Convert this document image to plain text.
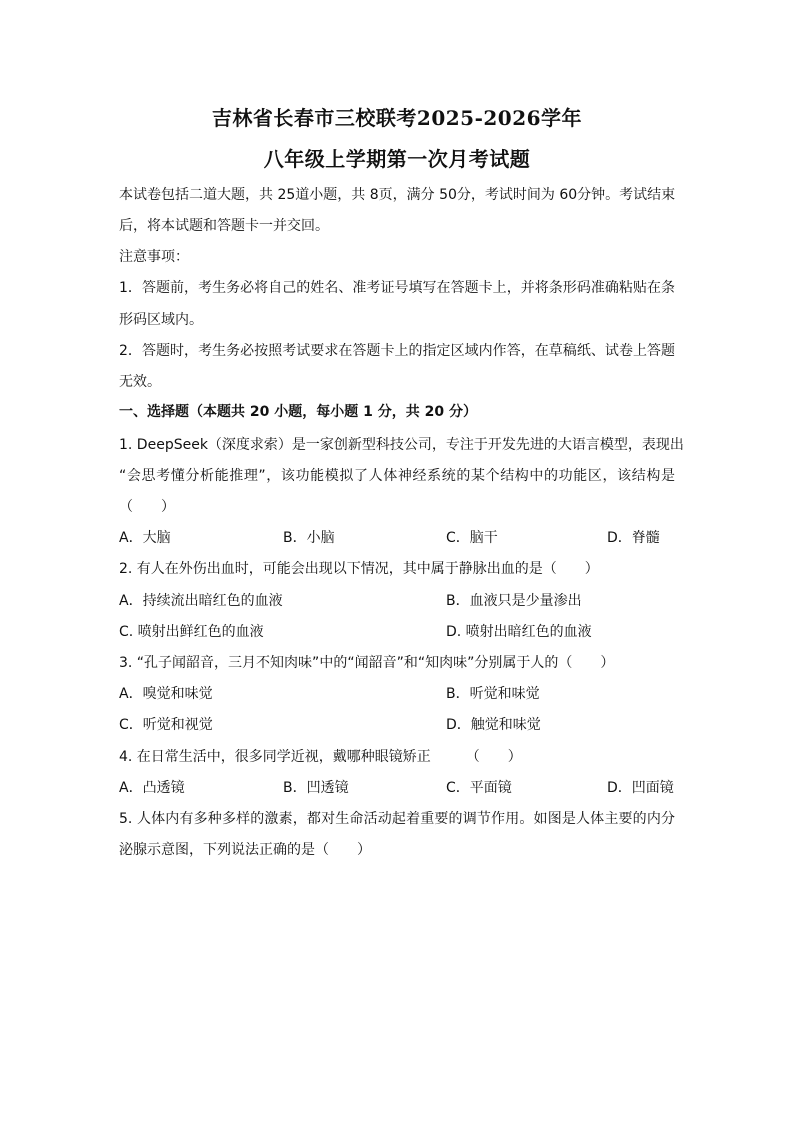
吉林省长春市三校联考2025-2026学年
八年级上学期第一次月考试题
本试卷包括二道大题，共 25道小题，共 8页，满分 50分，考试时间为 60分钟。考试结束
后，将本试题和答题卡一并交回。
注意事项：
1．答题前，考生务必将自己的姓名、准考证号填写在答题卡上，并将条形码准确粘贴在条
形码区域内。
2．答题时，考生务必按照考试要求在答题卡上的指定区域内作答，在草稿纸、试卷上答题
无效。
一、选择题（本题共 20 小题，每小题 1 分，共 20 分）
1. DeepSeek（深度求索）是一家创新型科技公司，专注于开发先进的大语言模型，表现出
“会思考懂分析能推理”，该功能模拟了人体神经系统的某个结构中的功能区，该结构是
（　　）
A．大脑	B．小脑	C．脑干	D．脊髓
2. 有人在外伤出血时，可能会出现以下情况，其中属于静脉出血的是（　　）
A．持续流出暗红色的血液	B．血液只是少量渗出
C. 喷射出鲜红色的血液	D. 喷射出暗红色的血液
3. “孔子闻韶音，三月不知肉味”中的“闻韶音”和“知肉味”分别属于人的（　　）
A．嗅觉和味觉	B．听觉和味觉
C．听觉和视觉	D．触觉和味觉
4. 在日常生活中，很多同学近视，戴哪种眼镜矫正　　　（　　）
A．凸透镜	B．凹透镜	C．平面镜	D．凹面镜
5. 人体内有多种多样的激素，都对生命活动起着重要的调节作用。如图是人体主要的内分
泌腺示意图，下列说法正确的是（　　）
